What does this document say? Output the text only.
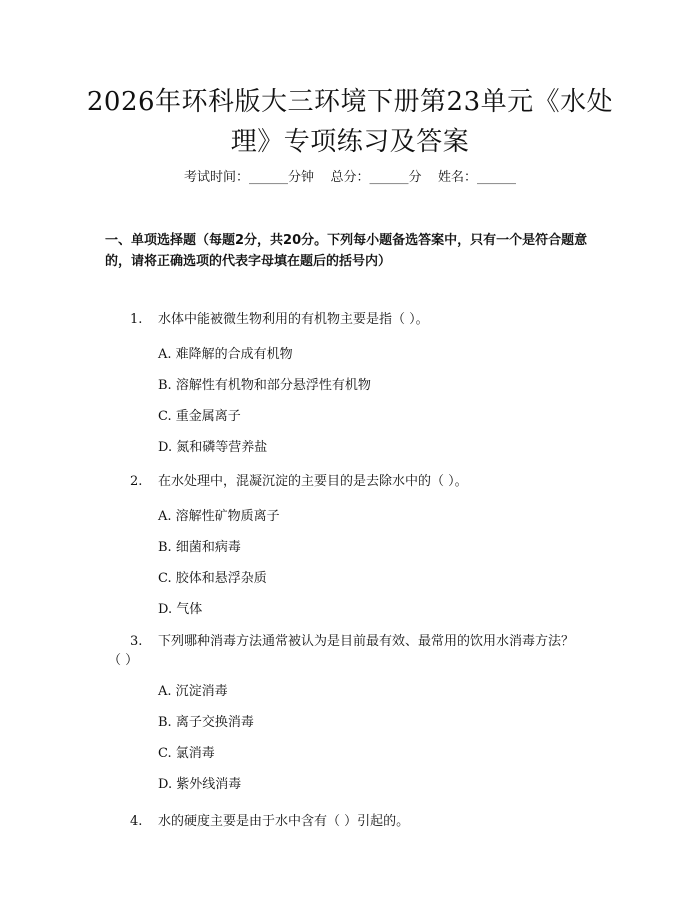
2026年环科版大三环境下册第23单元《水处理》专项练习及答案
考试时间：______分钟    总分：______分    姓名：______
一、单项选择题（每题2分，共20分。下列每小题备选答案中，只有一个是符合题意的，请将正确选项的代表字母填在题后的括号内）
1.	水体中能被微生物利用的有机物主要是指（ ）。
A. 难降解的合成有机物
B. 溶解性有机物和部分悬浮性有机物
C. 重金属离子
D. 氮和磷等营养盐
2.	在水处理中，混凝沉淀的主要目的是去除水中的（ ）。
A. 溶解性矿物质离子
B. 细菌和病毒
C. 胶体和悬浮杂质
D. 气体
3.	下列哪种消毒方法通常被认为是目前最有效、最常用的饮用水消毒方法？
（ ）
A. 沉淀消毒
B. 离子交换消毒
C. 氯消毒
D. 紫外线消毒
4.	水的硬度主要是由于水中含有（ ）引起的。
